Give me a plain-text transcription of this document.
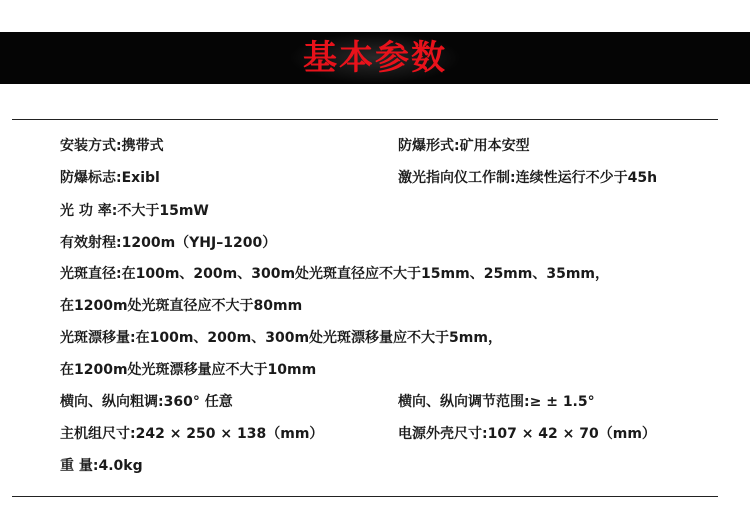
基本参数
安装方式:携带式	防爆形式:矿用本安型
防爆标志:Exibl	激光指向仪工作制:连续性运行不少于45h
光 功 率:不大于15mW
有效射程:1200m（YHJ–1200）
光斑直径:在100m、200m、300m处光斑直径应不大于15mm、25mm、35mm，
在1200m处光斑直径应不大于80mm
光斑漂移量:在100m、200m、300m处光斑漂移量应不大于5mm，
在1200m处光斑漂移量应不大于10mm
横向、纵向粗调:360° 任意	横向、纵向调节范围:≥ ± 1.5°
主机组尺寸:242 × 250 × 138（mm）	电源外壳尺寸:107 × 42 × 70（mm）
重 量:4.0kg
